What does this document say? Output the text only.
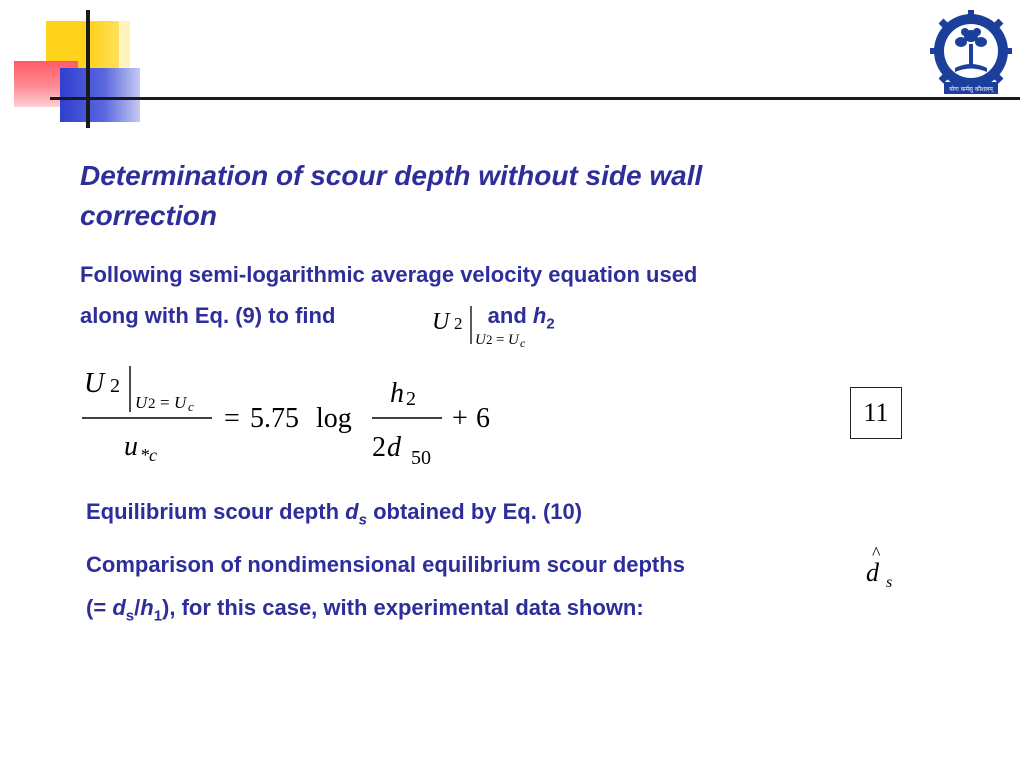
योगः कर्मसु कौशलम्
Determination of scour depth without side wall
correction
Following semi-logarithmic average velocity equation used
along with Eq. (9) to find	and $h_2$
U 2
U 2 = U c
U 2
U 2 = U c
u *c
= 5.75 log
h 2
2 d 50
+ 6	11
Equilibrium scour depth $d_s$ obtained by Eq. (10)
Comparison of nondimensional equilibrium scour depths	^
d s
(= $d_s/h_1$), for this case, with experimental data shown:
